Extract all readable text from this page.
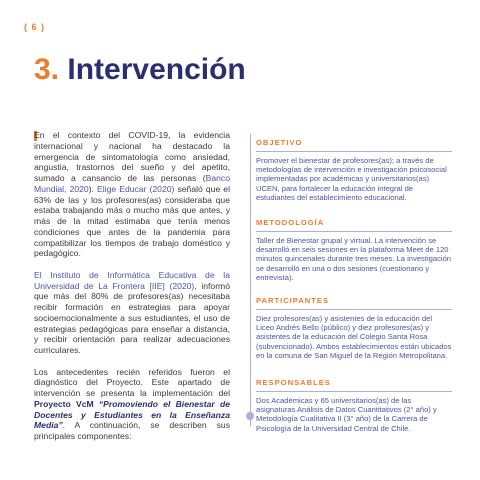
( 6 )
3. Intervención

En el contexto del COVID-19, la evidencia internacional y nacional ha destacado la emergencia de sintomatología como ansiedad, angustia, trastornos del sueño y del apetito, sumado a cansancio de las personas (Banco Mundial, 2020). Elige Educar (2020) señaló que el 63% de las y los profesores(as) consideraba que estaba trabajando más o mucho más que antes, y más de la mitad estimaba que tenía menos condiciones que antes de la pandemia para compatibilizar los tiempos de trabajo doméstico y pedagógico.

El Instituto de Informática Educativa de la Universidad de La Frontera [IIE] (2020), informó que más del 80% de profesores(as) necesitaba recibir formación en estrategias para apoyar socioemocionalmente a sus estudiantes, el uso de estrategias pedagógicas para enseñar a distancia, y recibir orientación para realizar adecuaciones curriculares.

Los antecedentes recién referidos fueron el diagnóstico del Proyecto. Este apartado de intervención se presenta la implementación del Proyecto VcM “Promoviendo el Bienestar de Docentes y Estudiantes en la Enseñanza Media”. A continuación, se describen sus principales componentes:

OBJETIVO
Promover el bienestar de profesores(as); a través de metodologías de intervención e investigación psicosocial implementadas por académicas y universitarios(as) UCEN, para fortalecer la educación integral de estudiantes del establecimiento educacional.
METODOLOGÍA
Taller de Bienestar grupal y virtual. La intervención se desarrolló en seis sesiones en la plataforma Meet de 120 minutos quincenales durante tres meses. La investigación se desarrolló en una o dos sesiones (cuestionario y entrevista).
PARTICIPANTES
Diez profesores(as) y asistentes de la educación del Liceo Andrés Bello (público) y diez profesores(as) y asistentes de la educación del Colegio Santa Rosa (subvencionado). Ambos establecimientos están ubicados en la comuna de San Miguel de la Región Metropolitana.
RESPONSABLES
Dos Académicas y 65 universitarios(as) de las asignaturas Análisis de Datos Cuantitativos (2° año) y Metodología Cualitativa II (3° año) de la Carrera de Psicología de la Universidad Central de Chile.
